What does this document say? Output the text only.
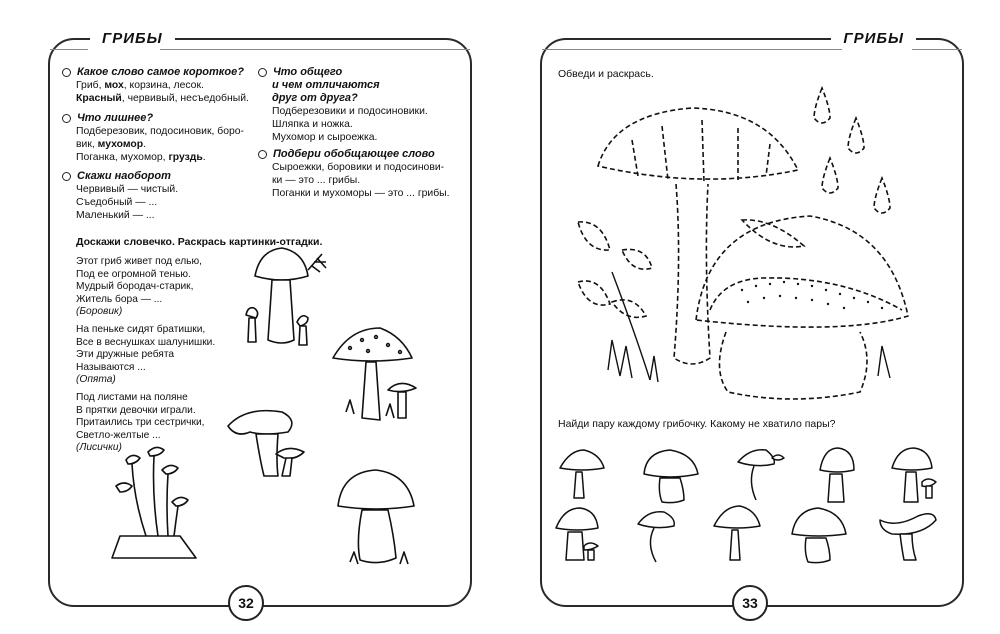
ГРИБЫ
Какое слово самое короткое?
Гриб, мох, корзина, лесок.
Красный, червивый, несъедобный.
Что лишнее?
Подберезовик, подосиновик, боро-
вик, мухомор.
Поганка, мухомор, груздь.
Скажи наоборот
Червивый — чистый.
Съедобный — ...
Маленький — ...
Что общего
и чем отличаются
друг от друга?
Подберезовики и подосиновики.
Шляпка и ножка.
Мухомор и сыроежка.
Подбери обобщающее слово
Сыроежки, боровики и подосинови-
ки — это ... грибы.
Поганки и мухоморы — это ... грибы.
Доскажи словечко. Раскрась картинки-отгадки.
Этот гриб живет под елью,
Под ее огромной тенью.
Мудрый бородач-старик,
Житель бора — ...
(Боровик)
На пеньке сидят братишки,
Все в веснушках шалунишки.
Эти дружные ребята
Называются ...
(Опята)
Под листами на поляне
В прятки девочки играли.
Притаились три сестрички,
Светло-желтые ...
(Лисички)
32
ГРИБЫ
Обведи и раскрась.
Найди пару каждому грибочку. Какому не хватило пары?
33
